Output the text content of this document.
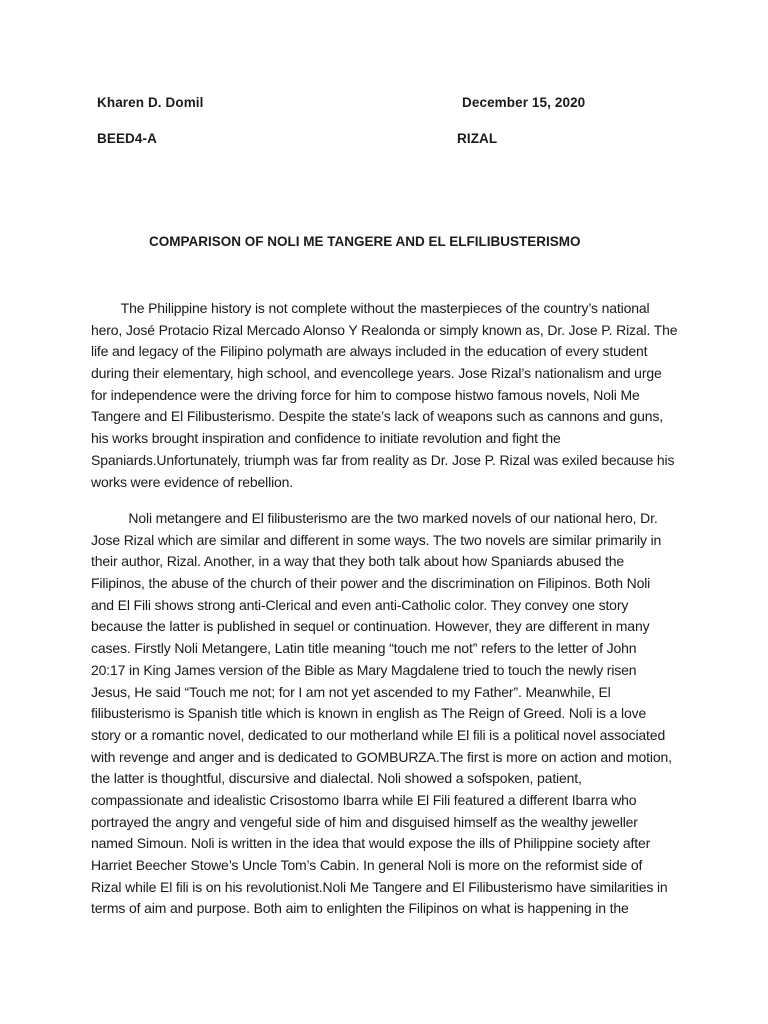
Kharen D. Domil	December 15, 2020
BEED4-A	RIZAL
COMPARISON OF NOLI ME TANGERE AND EL ELFILIBUSTERISMO
The Philippine history is not complete without the masterpieces of the country’s national
hero, José Protacio Rizal Mercado Alonso Y Realonda or simply known as, Dr. Jose P. Rizal. The
life and legacy of the Filipino polymath are always included in the education of every student
during their elementary, high school, and evencollege years. Jose Rizal’s nationalism and urge
for independence were the driving force for him to compose histwo famous novels, Noli Me
Tangere and El Filibusterismo. Despite the state’s lack of weapons such as cannons and guns,
his works brought inspiration and confidence to initiate revolution and fight the
Spaniards.Unfortunately, triumph was far from reality as Dr. Jose P. Rizal was exiled because his
works were evidence of rebellion.
Noli metangere and El filibusterismo are the two marked novels of our national hero, Dr.
Jose Rizal which are similar and different in some ways. The two novels are similar primarily in
their author, Rizal. Another, in a way that they both talk about how Spaniards abused the
Filipinos, the abuse of the church of their power and the discrimination on Filipinos. Both Noli
and El Fili shows strong anti-Clerical and even anti-Catholic color. They convey one story
because the latter is published in sequel or continuation. However, they are different in many
cases. Firstly Noli Metangere, Latin title meaning “touch me not” refers to the letter of John
20:17 in King James version of the Bible as Mary Magdalene tried to touch the newly risen
Jesus, He said “Touch me not; for I am not yet ascended to my Father”. Meanwhile, El
filibusterismo is Spanish title which is known in english as The Reign of Greed. Noli is a love
story or a romantic novel, dedicated to our motherland while El fili is a political novel associated
with revenge and anger and is dedicated to GOMBURZA.The first is more on action and motion,
the latter is thoughtful, discursive and dialectal. Noli showed a sofspoken, patient,
compassionate and idealistic Crisostomo Ibarra while El Fili featured a different Ibarra who
portrayed the angry and vengeful side of him and disguised himself as the wealthy jeweller
named Simoun. Noli is written in the idea that would expose the ills of Philippine society after
Harriet Beecher Stowe’s Uncle Tom’s Cabin. In general Noli is more on the reformist side of
Rizal while El fili is on his revolutionist.Noli Me Tangere and El Filibusterismo have similarities in
terms of aim and purpose. Both aim to enlighten the Filipinos on what is happening in the
